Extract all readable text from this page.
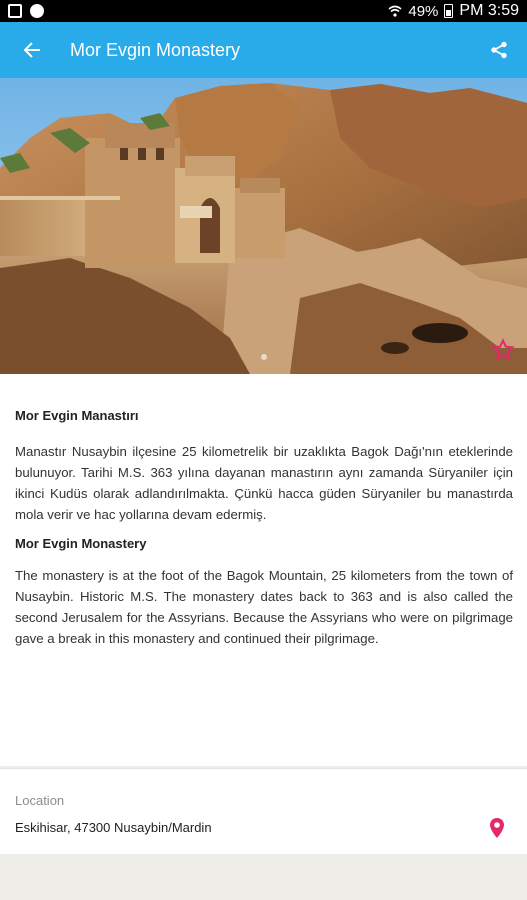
49% PM 3:59
Mor Evgin Monastery
Mor Evgin Manastırı

Manastır Nusaybin ilçesine 25 kilometrelik bir uzaklıkta Bagok Dağı'nın eteklerinde bulunuyor. Tarihi M.S. 363 yılına dayanan manastırın aynı zamanda Süryaniler için ikinci Kudüs olarak adlandırılmakta. Çünkü hacca güden Süryaniler bu manastırda mola verir ve hac yollarına devam edermiş.

Mor Evgin Monastery

The monastery is at the foot of the Bagok Mountain, 25 kilometers from the town of Nusaybin. Historic M.S. The monastery dates back to 363 and is also called the second Jerusalem for the Assyrians. Because the Assyrians who were on pilgrimage gave a break in this monastery and continued their pilgrimage.

Location
Eskihisar, 47300 Nusaybin/Mardin
